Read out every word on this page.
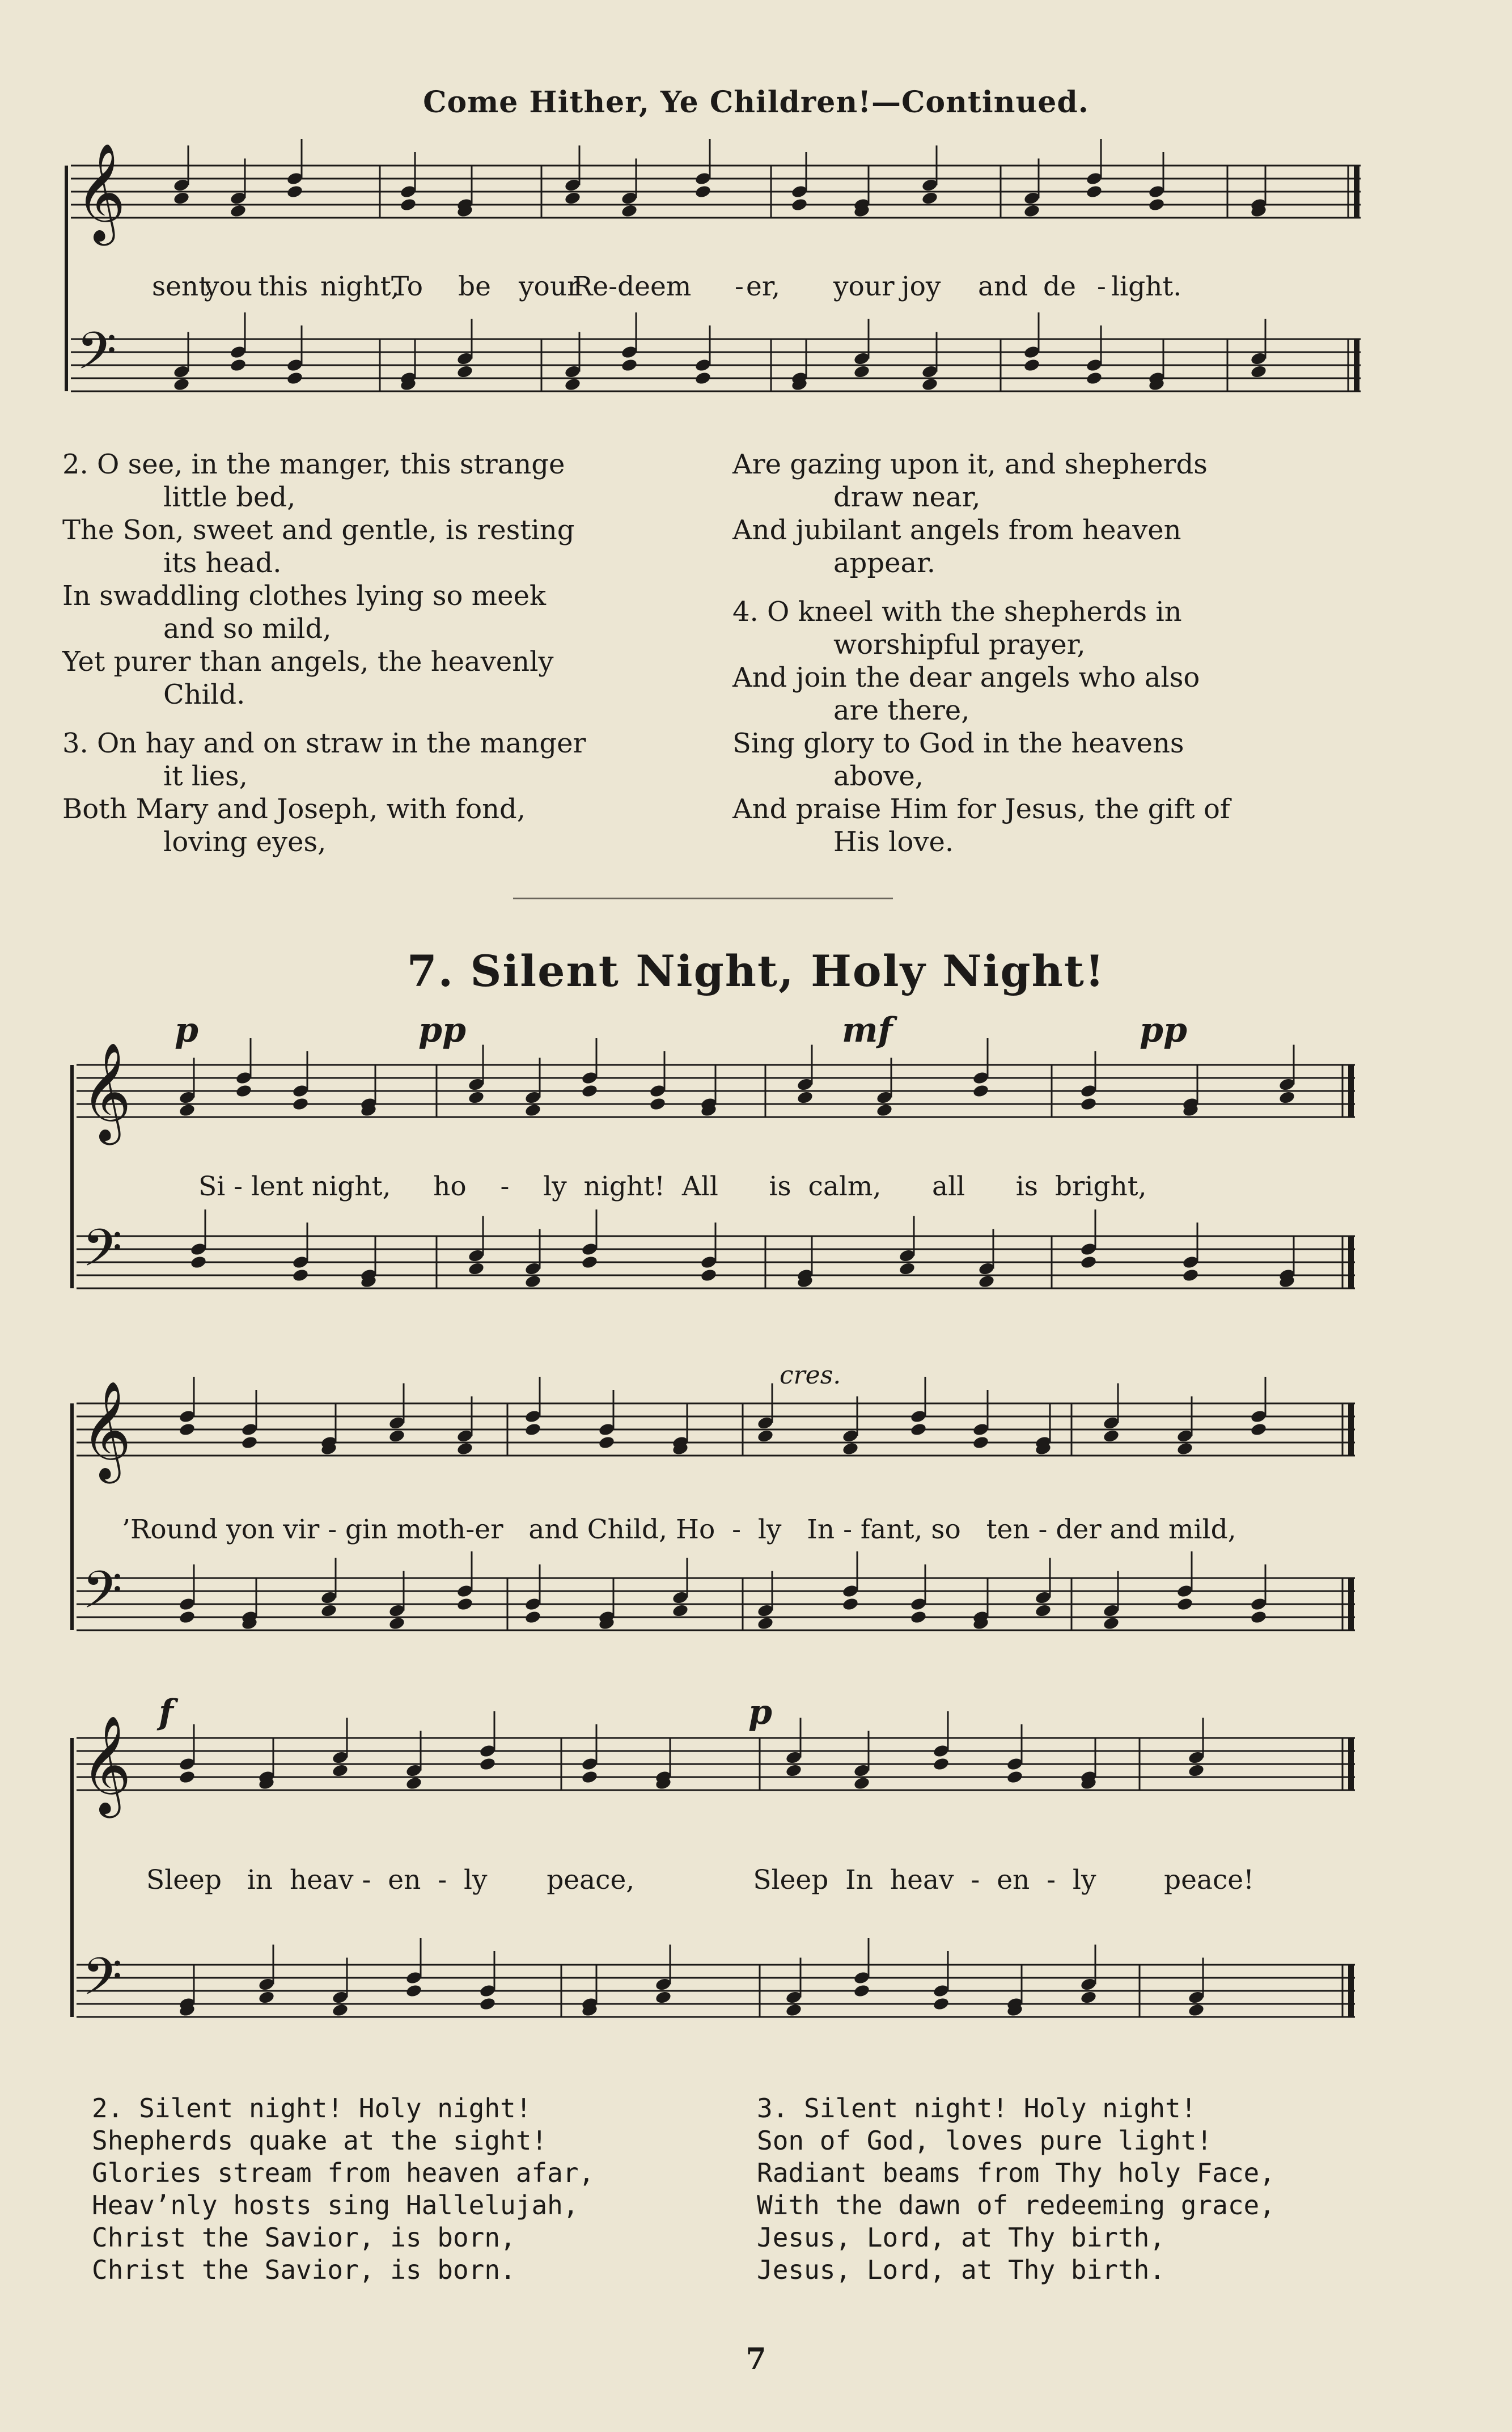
Come Hither, Ye Children!—Continued.
𝄞
𝄢
𝄞
𝄢
𝄞
𝄢
𝄞
𝄢
sent
you this night,
To be your
Re-deem - er, your joy and de - light.
2. O see, in the manger, this strange
little bed,
The Son, sweet and gentle, is resting
its head.
In swaddling clothes lying so meek
and so mild,
Yet purer than angels, the heavenly
Child.

3. On hay and on straw in the manger
it lies,
Both Mary and Joseph, with fond,
loving eyes,
Are gazing upon it, and shepherds
draw near,
And jubilant angels from heaven
appear.

4. O kneel with the shepherds in
worshipful prayer,
And join the dear angels who also
are there,
Sing glory to God in the heavens
above,
And praise Him for Jesus, the gift of
His love.
7. Silent Night, Holy Night!
p	pp	mf	pp
cres.
f	p
Si - lent night,     ho    -    ly  night!  All      is  calm,      all      is  bright,
’Round yon vir - gin moth-er   and Child, Ho  -  ly   In - fant, so   ten - der and mild,
Sleep   in  heav -  en  -  ly       peace,              Sleep  In  heav  -  en  -  ly        peace!
2. Silent night! Holy night!
Shepherds quake at the sight!
Glories stream from heaven afar,
Heav’nly hosts sing Hallelujah,
Christ the Savior, is born,
Christ the Savior, is born.
3. Silent night! Holy night!
Son of God, loves pure light!
Radiant beams from Thy holy Face,
With the dawn of redeeming grace,
Jesus, Lord, at Thy birth,
Jesus, Lord, at Thy birth.
7
